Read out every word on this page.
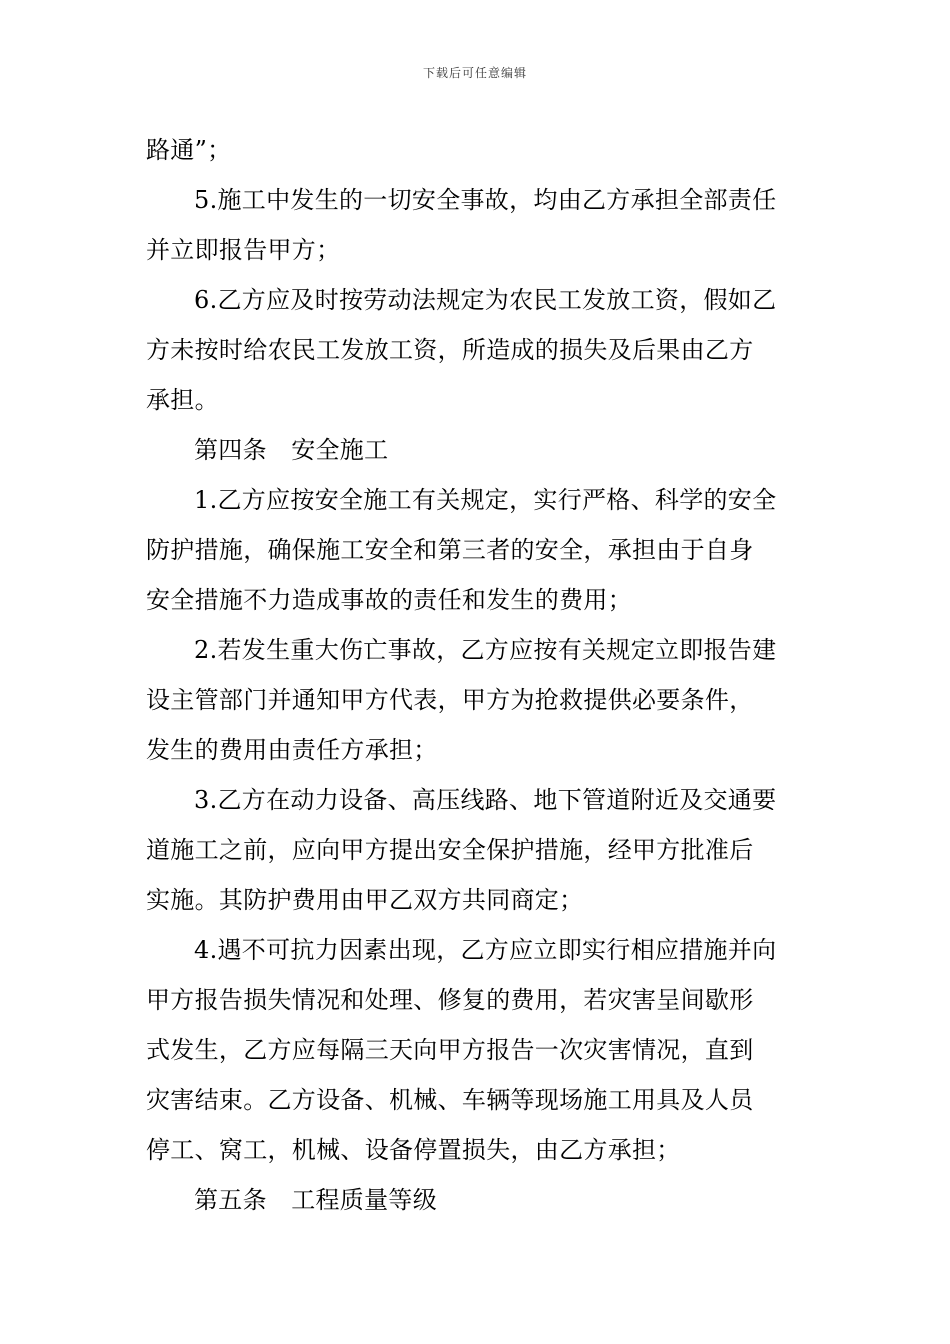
下载后可任意编辑
路通”；
5.施工中发生的一切安全事故，均由乙方承担全部责任
并立即报告甲方；
6.乙方应及时按劳动法规定为农民工发放工资，假如乙
方未按时给农民工发放工资，所造成的损失及后果由乙方
承担。
第四条　安全施工
1.乙方应按安全施工有关规定，实行严格、科学的安全
防护措施，确保施工安全和第三者的安全，承担由于自身
安全措施不力造成事故的责任和发生的费用；
2.若发生重大伤亡事故，乙方应按有关规定立即报告建
设主管部门并通知甲方代表，甲方为抢救提供必要条件，
发生的费用由责任方承担；
3.乙方在动力设备、高压线路、地下管道附近及交通要
道施工之前，应向甲方提出安全保护措施，经甲方批准后
实施。其防护费用由甲乙双方共同商定；
4.遇不可抗力因素出现，乙方应立即实行相应措施并向
甲方报告损失情况和处理、修复的费用，若灾害呈间歇形
式发生，乙方应每隔三天向甲方报告一次灾害情况，直到
灾害结束。乙方设备、机械、车辆等现场施工用具及人员
停工、窝工，机械、设备停置损失，由乙方承担；
第五条　工程质量等级
